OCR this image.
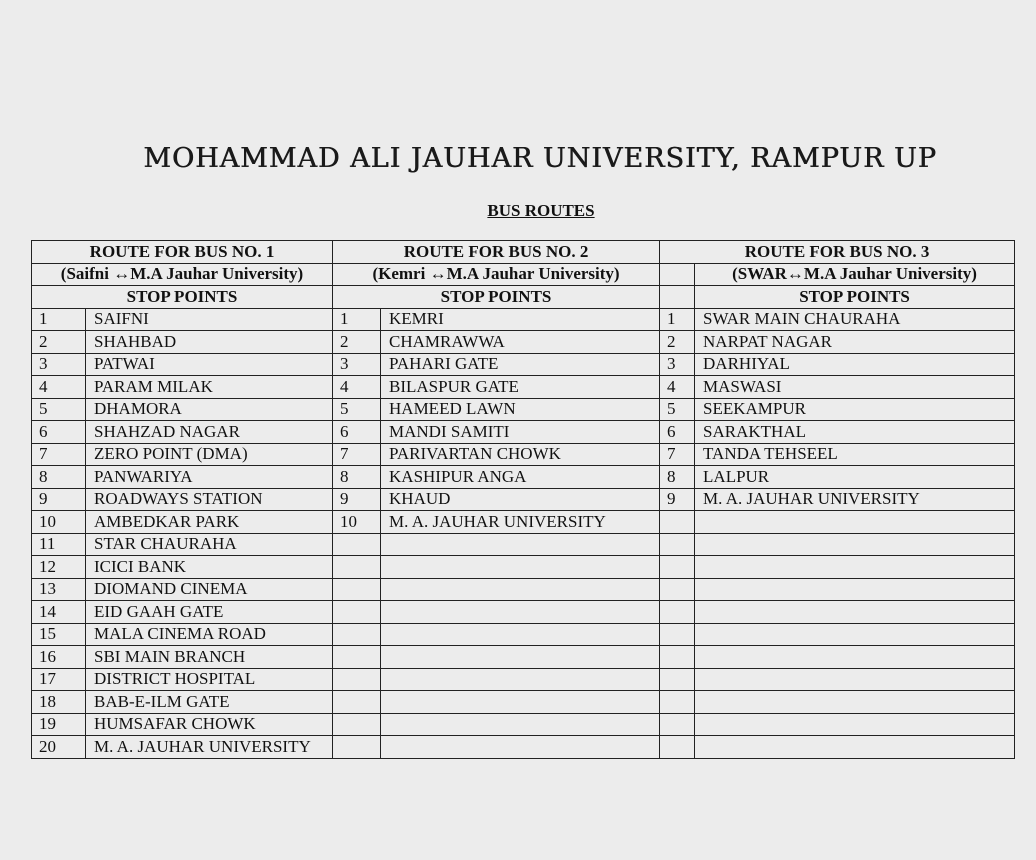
MOHAMMAD ALI JAUHAR UNIVERSITY, RAMPUR UP
BUS ROUTES
ROUTE FOR BUS NO. 1		ROUTE FOR BUS NO. 2		ROUTE FOR BUS NO. 3	
(Saifni ↔M.A Jauhar University)		(Kemri ↔M.A Jauhar University)			(SWAR↔M.A Jauhar University)
STOP POINTS		STOP POINTS			STOP POINTS
1	SAIFNI	1	KEMRI	1	SWAR MAIN CHAURAHA
2	SHAHBAD	2	CHAMRAWWA	2	NARPAT NAGAR
3	PATWAI	3	PAHARI GATE	3	DARHIYAL
4	PARAM MILAK	4	BILASPUR GATE	4	MASWASI
5	DHAMORA	5	HAMEED LAWN	5	SEEKAMPUR
6	SHAHZAD NAGAR	6	MANDI SAMITI	6	SARAKTHAL
7	ZERO POINT (DMA)	7	PARIVARTAN CHOWK	7	TANDA TEHSEEL
8	PANWARIYA	8	KASHIPUR ANGA	8	LALPUR
9	ROADWAYS STATION	9	KHAUD	9	M. A. JAUHAR UNIVERSITY
10	AMBEDKAR PARK	10	M. A. JAUHAR UNIVERSITY		
11	STAR CHAURAHA				
12	ICICI BANK				
13	DIOMAND CINEMA				
14	EID GAAH GATE				
15	MALA CINEMA ROAD				
16	SBI MAIN BRANCH				
17	DISTRICT HOSPITAL				
18	BAB-E-ILM GATE				
19	HUMSAFAR CHOWK				
20	M. A. JAUHAR UNIVERSITY				
